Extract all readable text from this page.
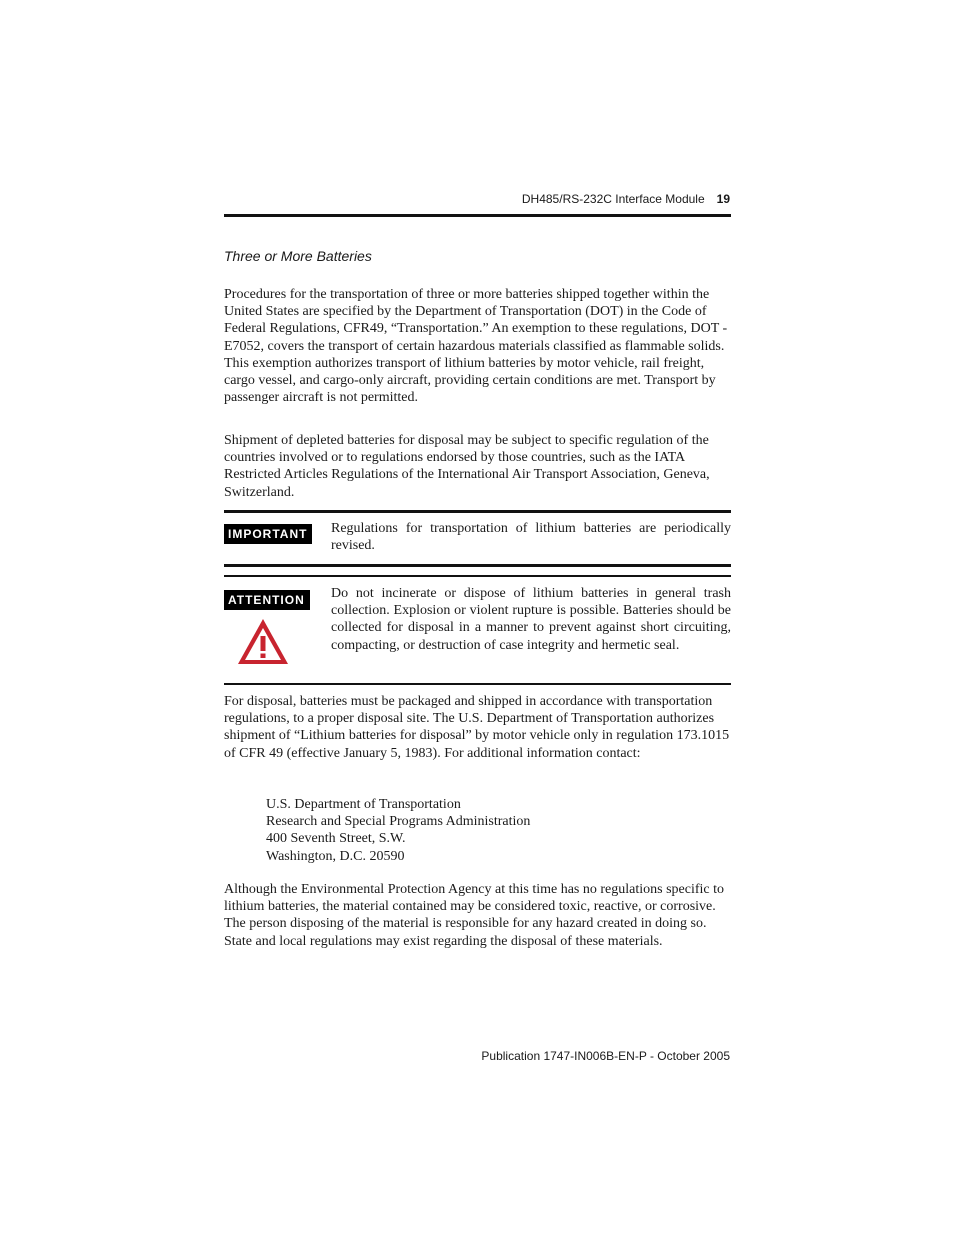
DH485/RS-232C Interface Module 19
Three or More Batteries
Procedures for the transportation of three or more batteries shipped together within the United States are specified by the Department of Transportation (DOT) in the Code of Federal Regulations, CFR49, “Transportation.” An exemption to these regulations, DOT - E7052, covers the transport of certain hazardous materials classified as flammable solids. This exemption authorizes transport of lithium batteries by motor vehicle, rail freight, cargo vessel, and cargo-only aircraft, providing certain conditions are met. Transport by passenger aircraft is not permitted.
Shipment of depleted batteries for disposal may be subject to specific regulation of the countries involved or to regulations endorsed by those countries, such as the IATA Restricted Articles Regulations of the International Air Transport Association, Geneva, Switzerland.
IMPORTANT	Regulations for transportation of lithium batteries are periodically revised.
ATTENTION	Do not incinerate or dispose of lithium batteries in general trash collection. Explosion or violent rupture is possible. Batteries should be collected for disposal in a manner to prevent against short circuiting, compacting, or destruction of case integrity and hermetic seal.
For disposal, batteries must be packaged and shipped in accordance with transportation regulations, to a proper disposal site. The U.S. Department of Transportation authorizes shipment of “Lithium batteries for disposal” by motor vehicle only in regulation 173.1015 of CFR 49 (effective January 5, 1983). For additional information contact:
U.S. Department of Transportation
Research and Special Programs Administration
400 Seventh Street, S.W.
Washington, D.C. 20590
Although the Environmental Protection Agency at this time has no regulations specific to lithium batteries, the material contained may be considered toxic, reactive, or corrosive. The person disposing of the material is responsible for any hazard created in doing so. State and local regulations may exist regarding the disposal of these materials.
Publication 1747-IN006B-EN-P - October 2005
